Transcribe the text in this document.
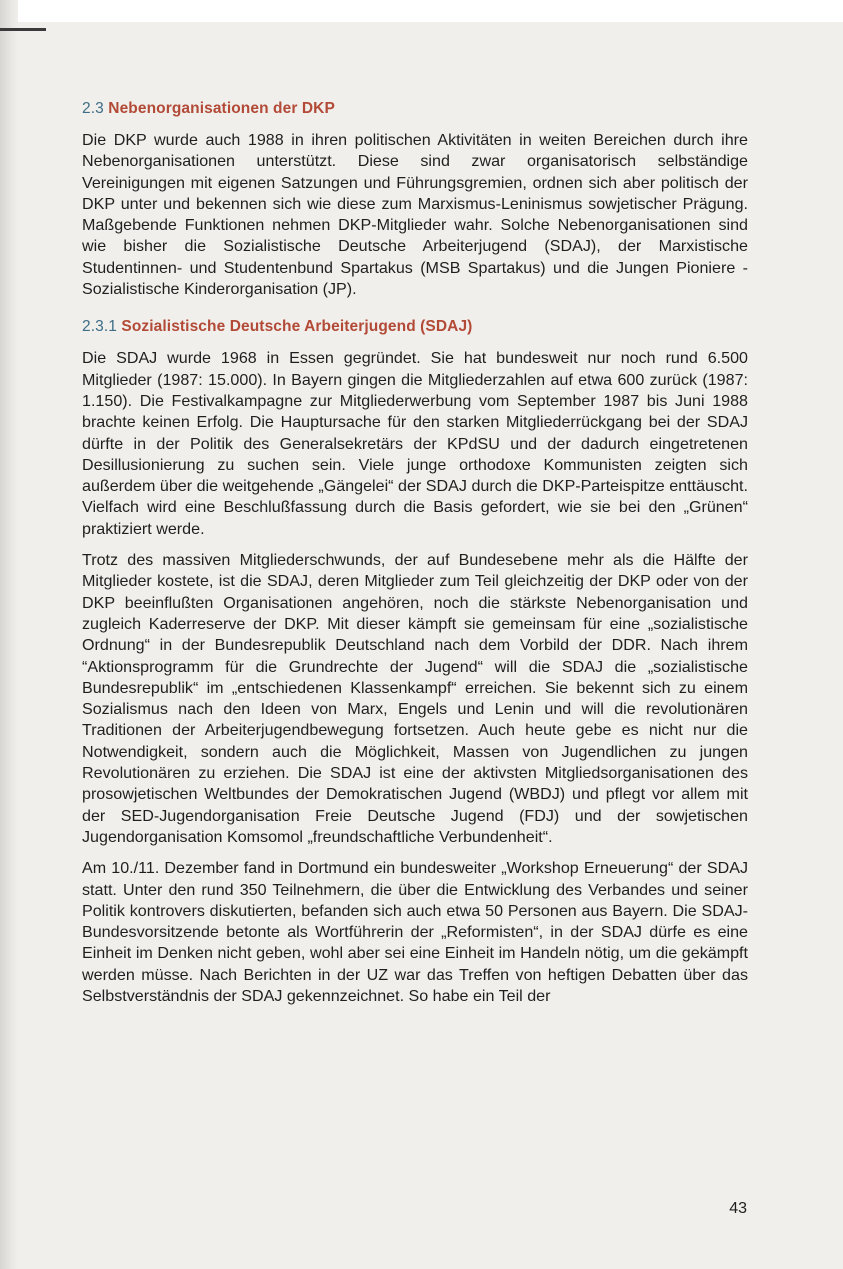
2.3 Nebenorganisationen der DKP

Die DKP wurde auch 1988 in ihren politischen Aktivitäten in weiten Bereichen durch ihre Nebenorganisationen unterstützt. Diese sind zwar organisatorisch selbständige Vereinigungen mit eigenen Satzungen und Führungsgremien, ordnen sich aber politisch der DKP unter und bekennen sich wie diese zum Marxismus-Leninismus sowjetischer Prägung. Maßgebende Funktionen nehmen DKP-Mitglieder wahr. Solche Nebenorganisationen sind wie bisher die Sozialistische Deutsche Arbeiterjugend (SDAJ), der Marxistische Studentinnen- und Studentenbund Spartakus (MSB Spartakus) und die Jungen Pioniere - Sozialistische Kinderorganisation (JP).

2.3.1 Sozialistische Deutsche Arbeiterjugend (SDAJ)

Die SDAJ wurde 1968 in Essen gegründet. Sie hat bundesweit nur noch rund 6.500 Mitglieder (1987: 15.000). In Bayern gingen die Mitgliederzahlen auf etwa 600 zurück (1987: 1.150). Die Festivalkampagne zur Mitgliederwerbung vom September 1987 bis Juni 1988 brachte keinen Erfolg. Die Hauptursache für den starken Mitgliederrückgang bei der SDAJ dürfte in der Politik des Generalsekretärs der KPdSU und der dadurch eingetretenen Desillusionierung zu suchen sein. Viele junge orthodoxe Kommunisten zeigten sich außerdem über die weitgehende „Gängelei“ der SDAJ durch die DKP-Parteispitze enttäuscht. Vielfach wird eine Beschlußfassung durch die Basis gefordert, wie sie bei den „Grünen“ praktiziert werde.

Trotz des massiven Mitgliederschwunds, der auf Bundesebene mehr als die Hälfte der Mitglieder kostete, ist die SDAJ, deren Mitglieder zum Teil gleichzeitig der DKP oder von der DKP beeinflußten Organisationen angehören, noch die stärkste Nebenorganisation und zugleich Kaderreserve der DKP. Mit dieser kämpft sie gemeinsam für eine „sozialistische Ordnung“ in der Bundesrepublik Deutschland nach dem Vorbild der DDR. Nach ihrem “Aktionsprogramm für die Grundrechte der Jugend“ will die SDAJ die „sozialistische Bundesrepublik“ im „entschiedenen Klassenkampf“ erreichen. Sie bekennt sich zu einem Sozialismus nach den Ideen von Marx, Engels und Lenin und will die revolutionären Traditionen der Arbeiterjugendbewegung fortsetzen. Auch heute gebe es nicht nur die Notwendigkeit, sondern auch die Möglichkeit, Massen von Jugendlichen zu jungen Revolutionären zu erziehen. Die SDAJ ist eine der aktivsten Mitgliedsorganisationen des prosowjetischen Weltbundes der Demokratischen Jugend (WBDJ) und pflegt vor allem mit der SED-Jugendorganisation Freie Deutsche Jugend (FDJ) und der sowjetischen Jugendorganisation Komsomol „freundschaftliche Verbundenheit“.

Am 10./11. Dezember fand in Dortmund ein bundesweiter „Workshop Erneuerung“ der SDAJ statt. Unter den rund 350 Teilnehmern, die über die Entwicklung des Verbandes und seiner Politik kontrovers diskutierten, befanden sich auch etwa 50 Personen aus Bayern. Die SDAJ-Bundesvorsitzende betonte als Wortführerin der „Reformisten“, in der SDAJ dürfe es eine Einheit im Denken nicht geben, wohl aber sei eine Einheit im Handeln nötig, um die gekämpft werden müsse. Nach Berichten in der UZ war das Treffen von heftigen Debatten über das Selbstverständnis der SDAJ gekennzeichnet. So habe ein Teil der

43
